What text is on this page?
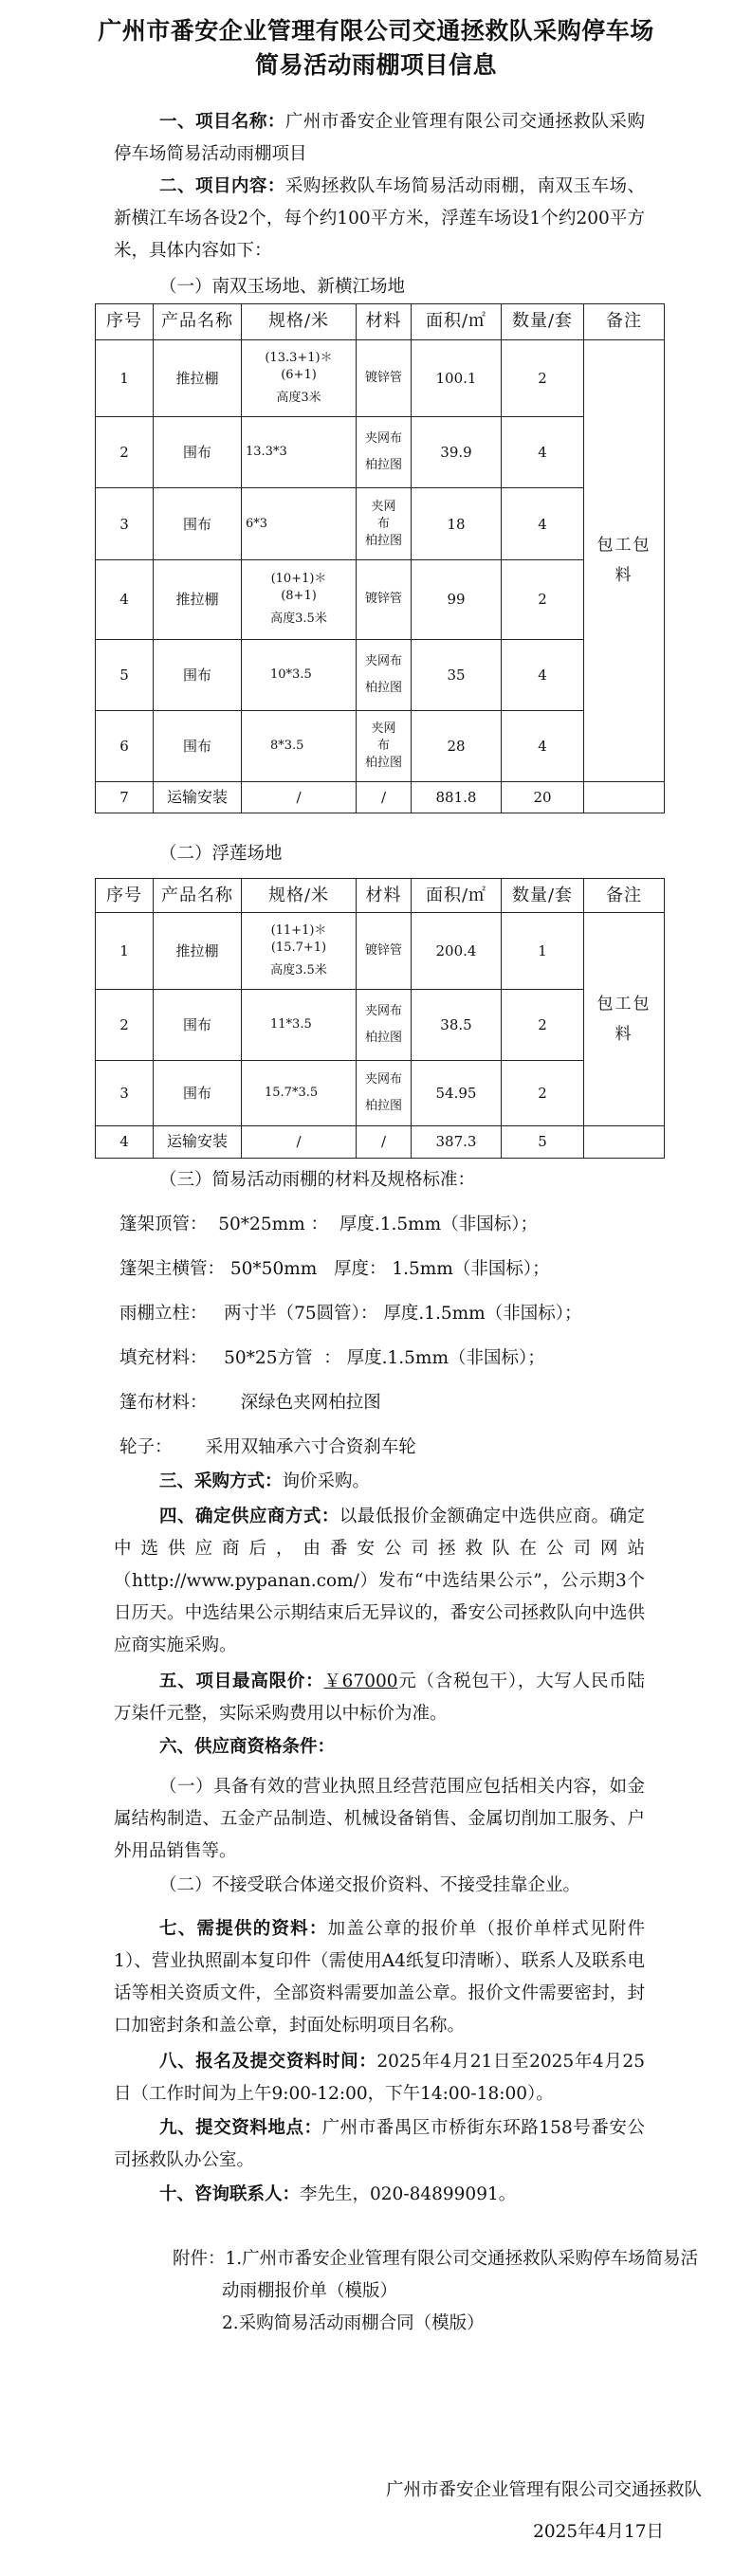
广州市番安企业管理有限公司交通拯救队采购停车场
简易活动雨棚项目信息
一、项目名称：广州市番安企业管理有限公司交通拯救队采购停车场简易活动雨棚项目
二、项目内容：采购拯救队车场简易活动雨棚，南双玉车场、新横江车场各设2个，每个约100平方米，浮莲车场设1个约200平方米，具体内容如下：
（一）南双玉场地、新横江场地
序号	产品名称	规格/米	材料	面积/㎡	数量/套	备注
1	推拉棚	(13.3+1)＊
(6+1)
高度3米	镀锌管	100.1	2	包工包料

2	围布	13.3*3	夹网布
柏拉图	39.9	4	
3	围布	6*3	夹网
布
柏拉图	18	4	
4	推拉棚	(10+1)＊
(8+1)
高度3.5米	镀锌管	99	2	
5	围布	10*3.5	夹网布
柏拉图	35	4	
6	围布	8*3.5	夹网
布
柏拉图	28	4	
7	运输安装	/	/	881.8	20	
（二）浮莲场地
序号	产品名称	规格/米	材料	面积/㎡	数量/套	备注
1	推拉棚	(11+1)＊
(15.7+1)
高度3.5米	镀锌管	200.4	1	包工包料

2	围布	11*3.5	夹网布
柏拉图	38.5	2	
3	围布	15.7*3.5	夹网布
柏拉图	54.95	2	
4	运输安装	/	/	387.3	5	
（三）简易活动雨棚的材料及规格标准：
篷架顶管：  50*25mm ：  厚度.1.5mm（非国标）；
篷架主横管： 50*50mm   厚度： 1.5mm（非国标）；
雨棚立柱：   两寸半（75圆管）： 厚度.1.5mm（非国标）；
填充材料：   50*25方管  ： 厚度.1.5mm（非国标）；
篷布材料：      深绿色夹网柏拉图
轮子：      采用双轴承六寸合资刹车轮
三、采购方式：询价采购。
四、确定供应商方式：以最低报价金额确定中选供应商。确定中选供应商后，由番安公司拯救队在公司网站（http://www.pypanan.com/）发布“中选结果公示”，公示期3个日历天。中选结果公示期结束后无异议的，番安公司拯救队向中选供应商实施采购。
五、项目最高限价：￥67000元（含税包干），大写人民币陆万柒仟元整，实际采购费用以中标价为准。
六、供应商资格条件：
（一）具备有效的营业执照且经营范围应包括相关内容，如金属结构制造、五金产品制造、机械设备销售、金属切削加工服务、户外用品销售等。
（二）不接受联合体递交报价资料、不接受挂靠企业。
七、需提供的资料：加盖公章的报价单（报价单样式见附件1）、营业执照副本复印件（需使用A4纸复印清晰）、联系人及联系电话等相关资质文件，全部资料需要加盖公章。报价文件需要密封，封口加密封条和盖公章，封面处标明项目名称。
八、报名及提交资料时间：2025年4月21日至2025年4月25日（工作时间为上午9:00-12:00，下午14:00-18:00）。
九、提交资料地点：广州市番禺区市桥街东环路158号番安公司拯救队办公室。
十、咨询联系人：李先生，020-84899091。
附件：1.广州市番安企业管理有限公司交通拯救队采购停车场简易活动雨棚报价单（模版）
2.采购简易活动雨棚合同（模版）
广州市番安企业管理有限公司交通拯救队
2025年4月17日
